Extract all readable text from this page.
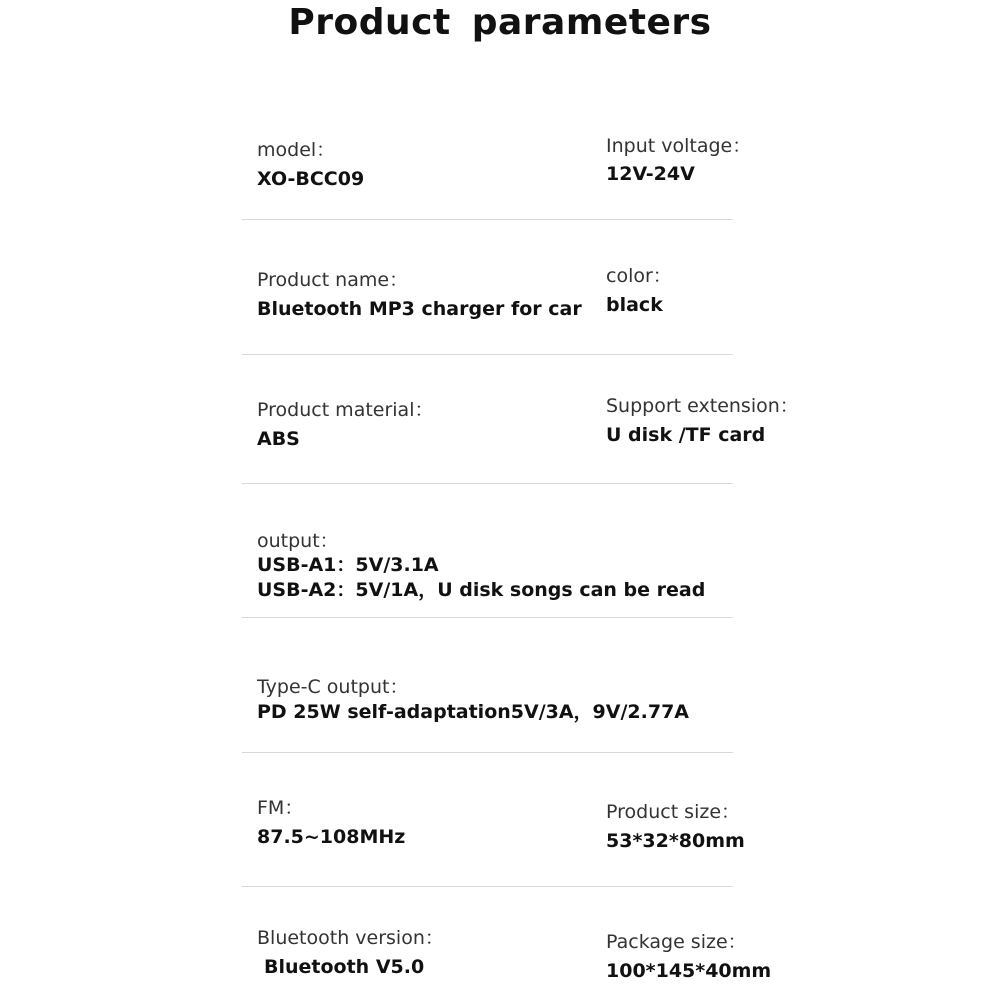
Product parameters
model：
XO-BCC09
Input voltage：
12V-24V
Product name：
Bluetooth MP3 charger for car
color：
black
Product material：
ABS
Support extension：
U disk /TF card
output：
USB-A1：5V/3.1A
USB-A2：5V/1A，U disk songs can be read
Type-C output：
PD 25W self-adaptation5V/3A，9V/2.77A
FM：
87.5~108MHz
Product size：
53*32*80mm
Bluetooth version：
Bluetooth V5.0
Package size：
100*145*40mm
